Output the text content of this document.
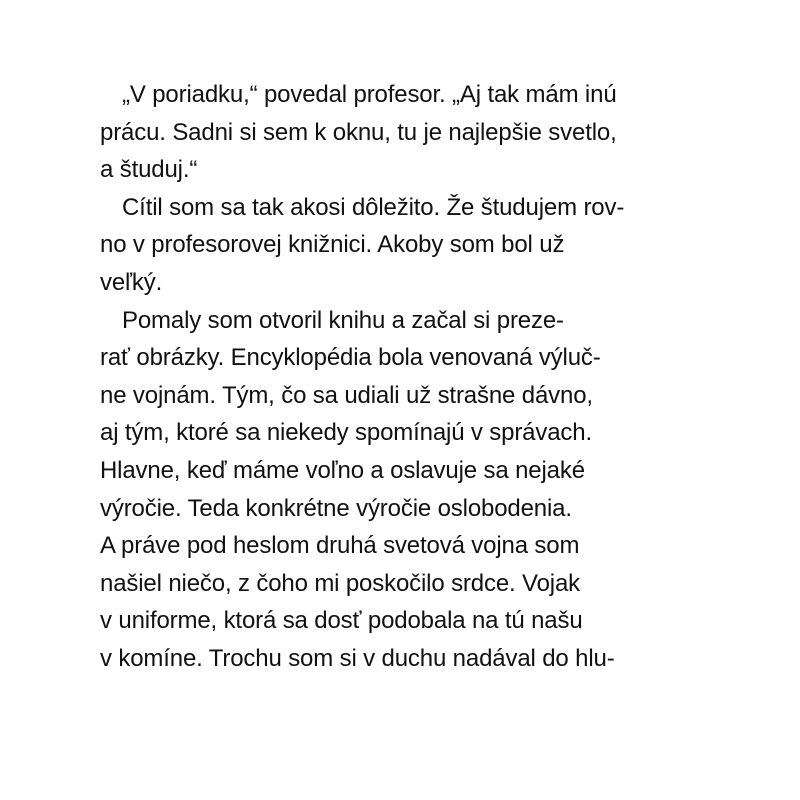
„V poriadku,“ povedal profesor. „Aj tak mám inú
prácu. Sadni si sem k oknu, tu je najlepšie svetlo,
a študuj.“
Cítil som sa tak akosi dôležito. Že študujem rov-
no v profesorovej knižnici. Akoby som bol už
veľký.
Pomaly som otvoril knihu a začal si preze-
rať obrázky. Encyklopédia bola venovaná výluč-
ne vojnám. Tým, čo sa udiali už strašne dávno,
aj tým, ktoré sa niekedy spomínajú v správach.
Hlavne, keď máme voľno a oslavuje sa nejaké
výročie. Teda konkrétne výročie oslobodenia.
A práve pod heslom druhá svetová vojna som
našiel niečo, z čoho mi poskočilo srdce. Vojak
v uniforme, ktorá sa dosť podobala na tú našu
v komíne. Trochu som si v duchu nadával do hlu-
